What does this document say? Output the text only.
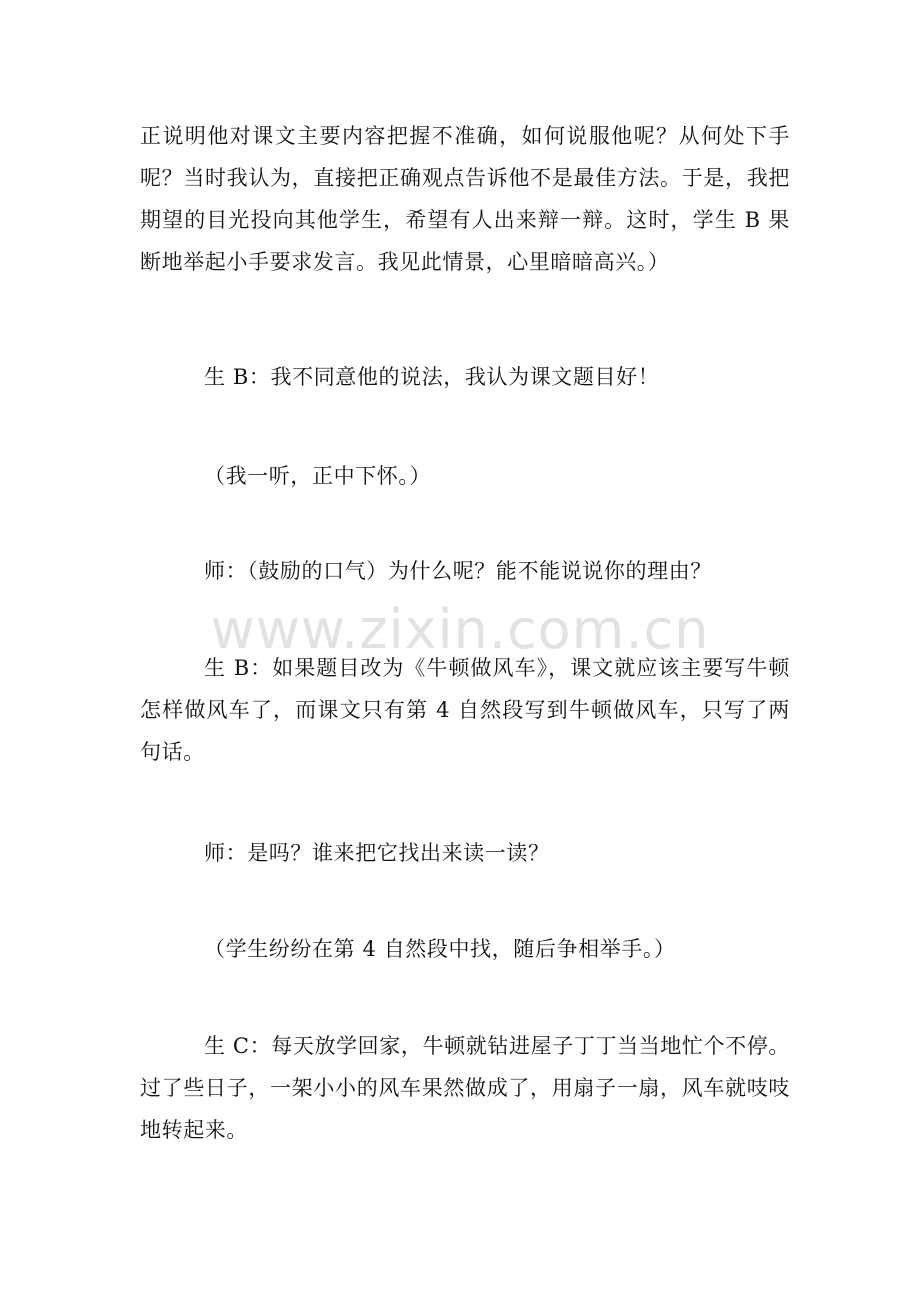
正说明他对课文主要内容把握不准确，如何说服他呢？从何处下手呢？当时我认为，直接把正确观点告诉他不是最佳方法。于是，我把期望的目光投向其他学生，希望有人出来辩一辩。这时，学生 B 果断地举起小手要求发言。我见此情景，心里暗暗高兴。）

生 B：我不同意他的说法，我认为课文题目好！

（我一听，正中下怀。）

师：（鼓励的口气）为什么呢？能不能说说你的理由？

生 B：如果题目改为《牛顿做风车》，课文就应该主要写牛顿怎样做风车了，而课文只有第 4 自然段写到牛顿做风车，只写了两句话。

师：是吗？谁来把它找出来读一读？

（学生纷纷在第 4 自然段中找，随后争相举手。）

生 C：每天放学回家，牛顿就钻进屋子丁丁当当地忙个不停。过了些日子，一架小小的风车果然做成了，用扇子一扇，风车就吱吱地转起来。

www.zixin.com.cn
